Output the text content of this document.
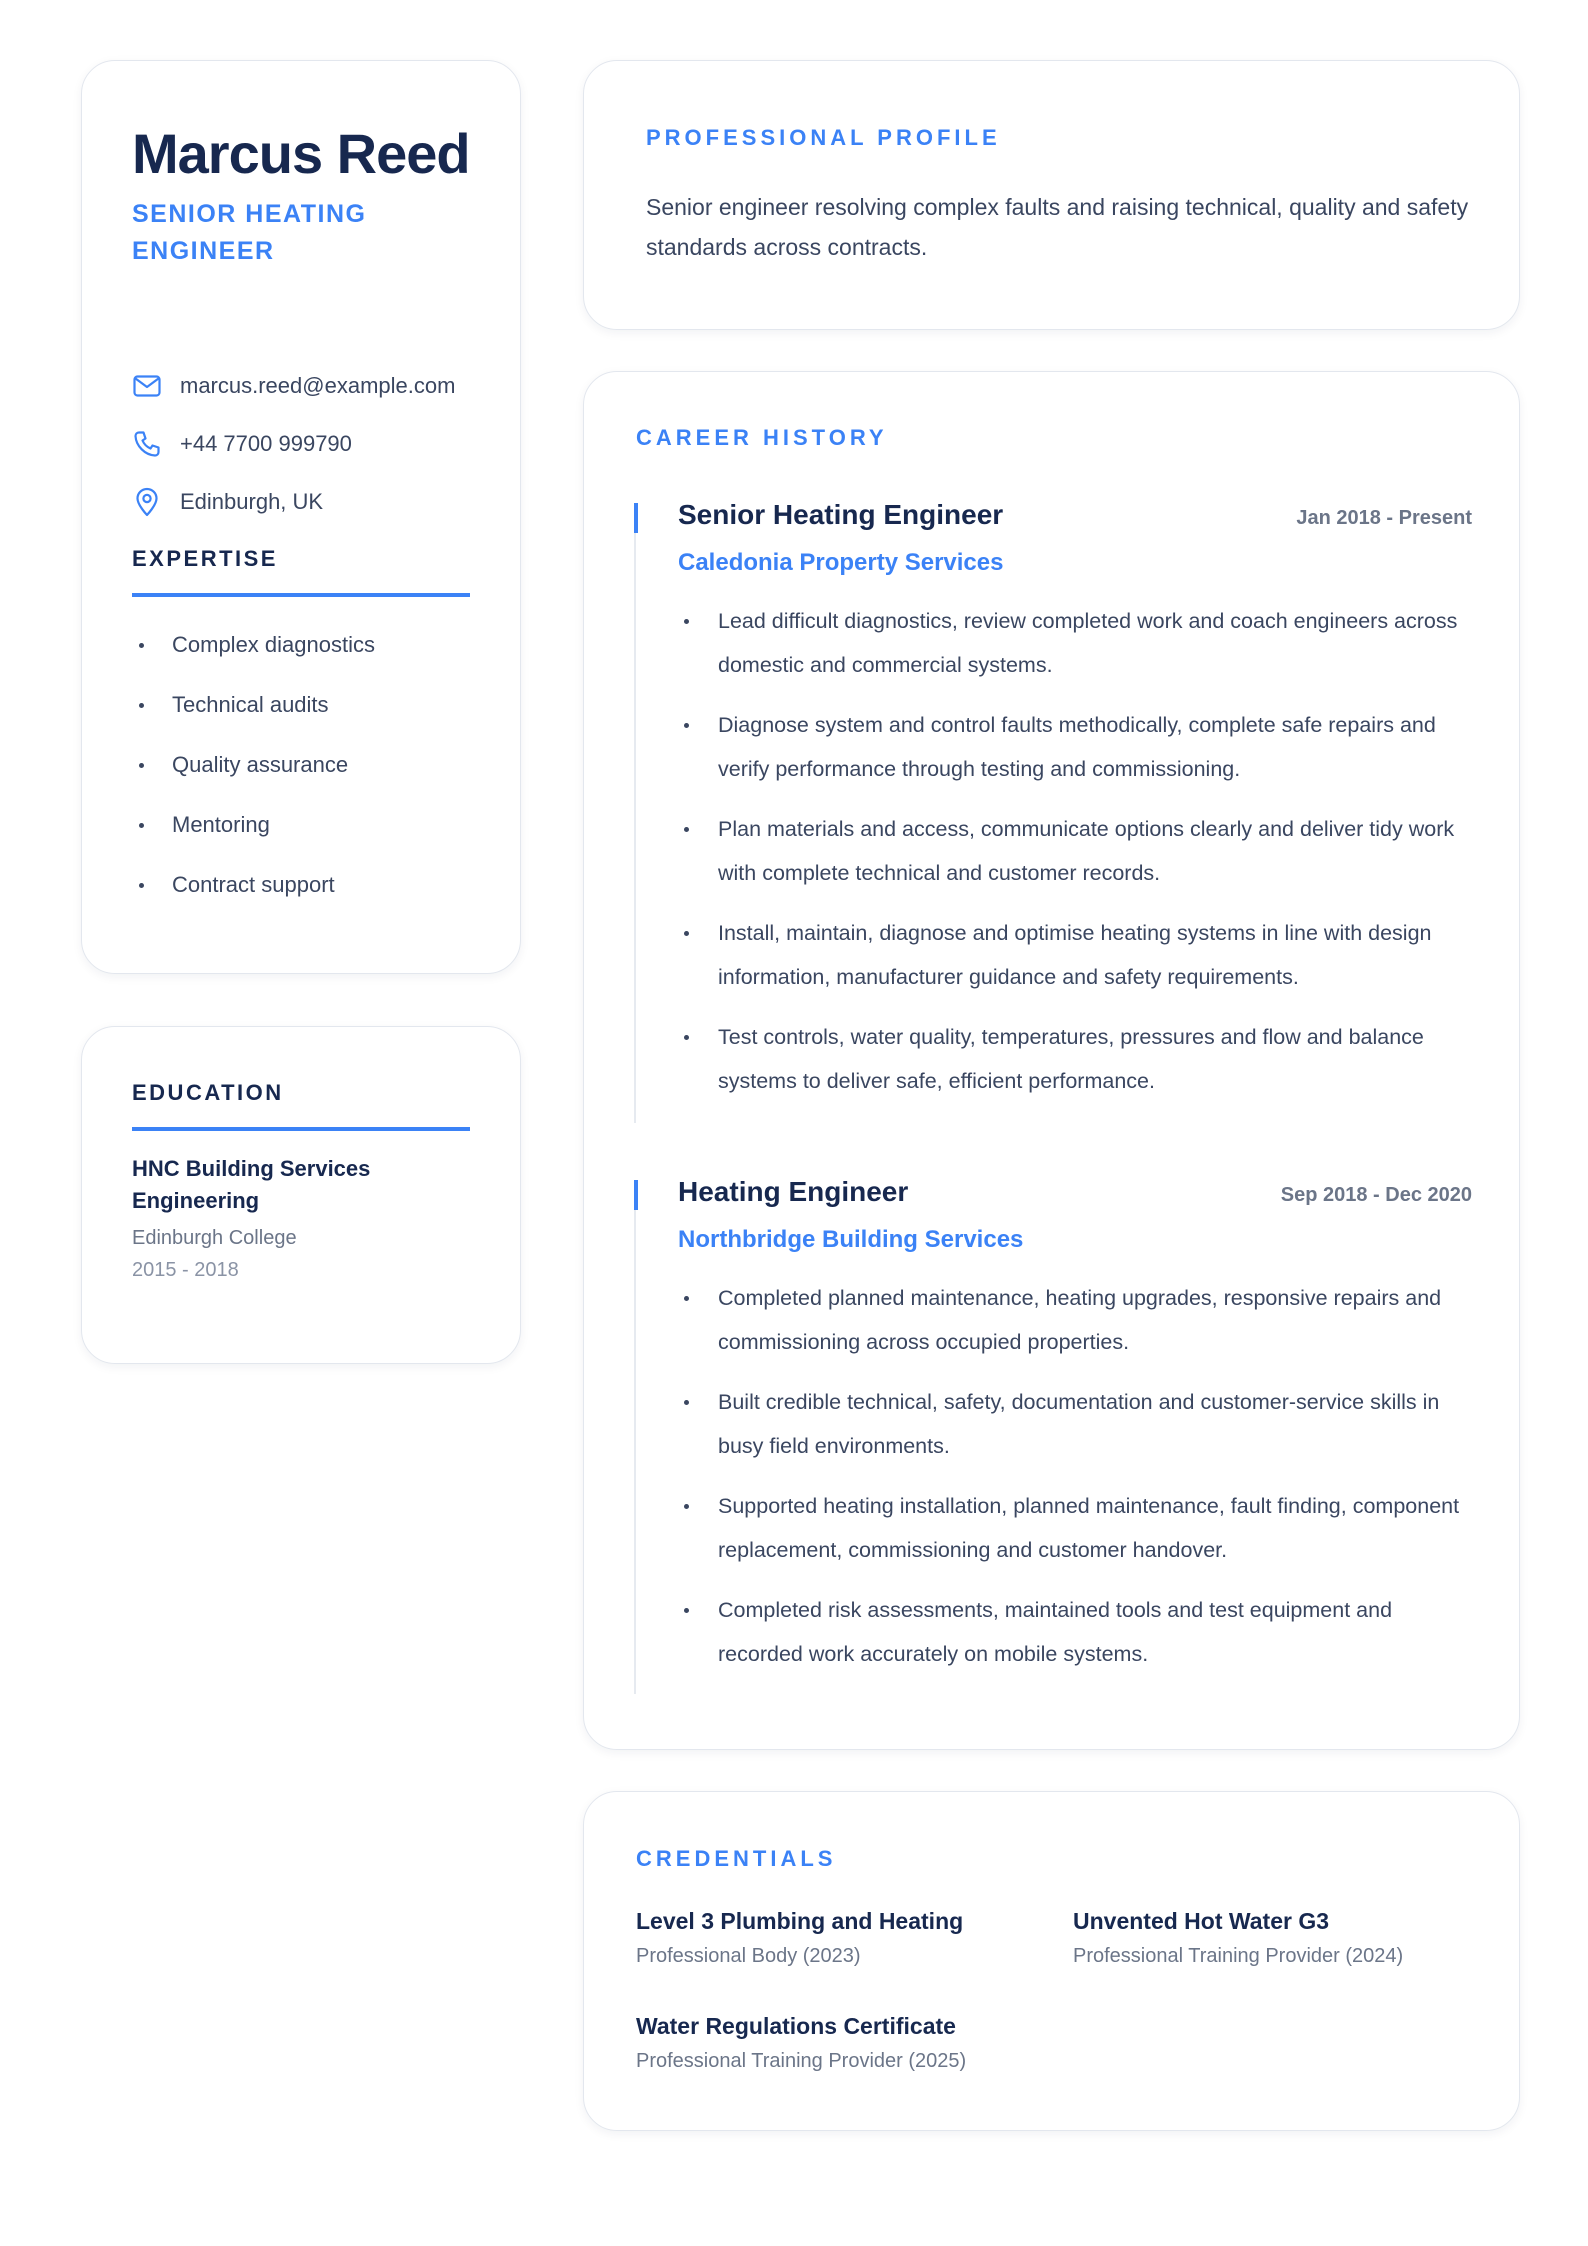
Marcus Reed
SENIOR HEATING ENGINEER
marcus.reed@example.com
+44 7700 999790
Edinburgh, UK
EXPERTISE
Complex diagnostics
Technical audits
Quality assurance
Mentoring
Contract support
EDUCATION
HNC Building Services Engineering
Edinburgh College
2015 - 2018
PROFESSIONAL PROFILE
Senior engineer resolving complex faults and raising technical, quality and safety standards across contracts.
CAREER HISTORY
Senior Heating Engineer	Jan 2018 - Present
Caledonia Property Services
Lead difficult diagnostics, review completed work and coach engineers across domestic and commercial systems.
Diagnose system and control faults methodically, complete safe repairs and verify performance through testing and commissioning.
Plan materials and access, communicate options clearly and deliver tidy work with complete technical and customer records.
Install, maintain, diagnose and optimise heating systems in line with design information, manufacturer guidance and safety requirements.
Test controls, water quality, temperatures, pressures and flow and balance systems to deliver safe, efficient performance.
Heating Engineer	Sep 2018 - Dec 2020
Northbridge Building Services
Completed planned maintenance, heating upgrades, responsive repairs and commissioning across occupied properties.
Built credible technical, safety, documentation and customer-service skills in busy field environments.
Supported heating installation, planned maintenance, fault finding, component replacement, commissioning and customer handover.
Completed risk assessments, maintained tools and test equipment and recorded work accurately on mobile systems.
CREDENTIALS
Level 3 Plumbing and Heating
Professional Body (2023)
Unvented Hot Water G3
Professional Training Provider (2024)
Water Regulations Certificate
Professional Training Provider (2025)
